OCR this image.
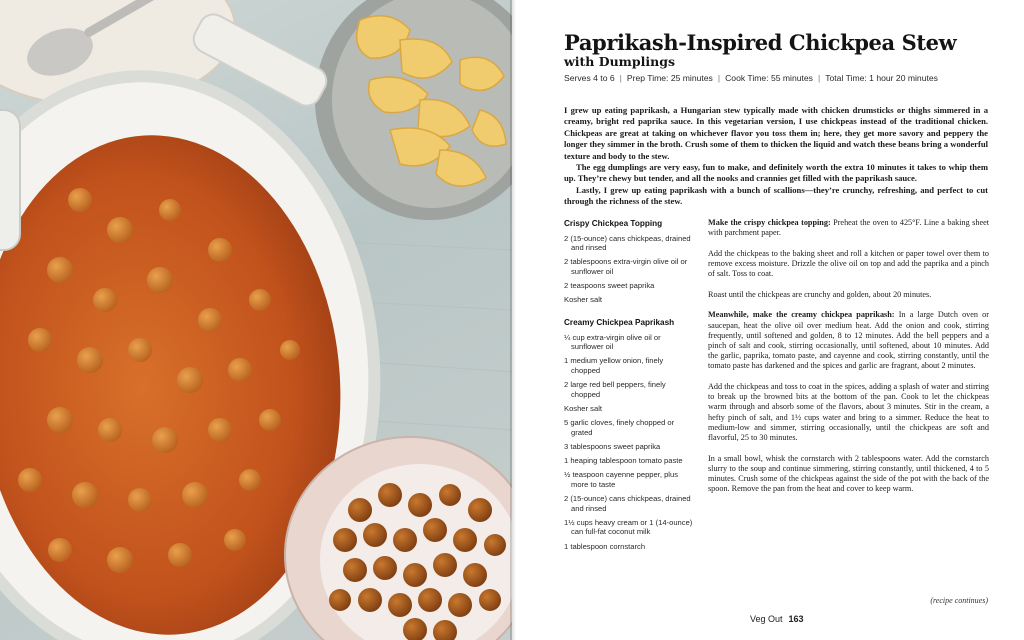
Paprikash-Inspired Chickpea Stew
with Dumplings
Serves 4 to 6 | Prep Time: 25 minutes | Cook Time: 55 minutes | Total Time: 1 hour 20 minutes

I grew up eating paprikash, a Hungarian stew typically made with chicken drumsticks or thighs simmered in a creamy, bright red paprika sauce. In this vegetarian version, I use chickpeas instead of the traditional chicken. Chickpeas are great at taking on whichever flavor you toss them in; here, they get more savory and peppery the longer they simmer in the broth. Crush some of them to thicken the liquid and watch these beans bring a wonderful texture and body to the stew.

The egg dumplings are very easy, fun to make, and definitely worth the extra 10 minutes it takes to whip them up. They’re chewy but tender, and all the nooks and crannies get filled with the paprikash sauce.

Lastly, I grew up eating paprikash with a bunch of scallions—they’re crunchy, refreshing, and perfect to cut through the richness of the stew.

Crispy Chickpea Topping
2 (15-ounce) cans chickpeas, drained and rinsed
2 tablespoons extra-virgin olive oil or sunflower oil
2 teaspoons sweet paprika
Kosher salt
Creamy Chickpea Paprikash
¼ cup extra-virgin olive oil or sunflower oil
1 medium yellow onion, finely chopped
2 large red bell peppers, finely chopped
Kosher salt
5 garlic cloves, finely chopped or grated
3 tablespoons sweet paprika
1 heaping tablespoon tomato paste
½ teaspoon cayenne pepper, plus more to taste
2 (15-ounce) cans chickpeas, drained and rinsed
1½ cups heavy cream or 1 (14-ounce) can full-fat coconut milk
1 tablespoon cornstarch

Make the crispy chickpea topping: Preheat the oven to 425°F. Line a baking sheet with parchment paper.

Add the chickpeas to the baking sheet and roll a kitchen or paper towel over them to remove excess moisture. Drizzle the olive oil on top and add the paprika and a pinch of salt. Toss to coat.

Roast until the chickpeas are crunchy and golden, about 20 minutes.

Meanwhile, make the creamy chickpea paprikash: In a large Dutch oven or saucepan, heat the olive oil over medium heat. Add the onion and cook, stirring frequently, until softened and golden, 8 to 12 minutes. Add the bell peppers and a pinch of salt and cook, stirring occasionally, until softened, about 10 minutes. Add the garlic, paprika, tomato paste, and cayenne and cook, stirring constantly, until the tomato paste has darkened and the spices and garlic are fragrant, about 2 minutes.

Add the chickpeas and toss to coat in the spices, adding a splash of water and stirring to break up the browned bits at the bottom of the pan. Cook to let the chickpeas warm through and absorb some of the flavors, about 3 minutes. Stir in the cream, a hefty pinch of salt, and 1½ cups water and bring to a simmer. Reduce the heat to medium-low and simmer, stirring occasionally, until the chickpeas are soft and flavorful, 25 to 30 minutes.

In a small bowl, whisk the cornstarch with 2 tablespoons water. Add the cornstarch slurry to the soup and continue simmering, stirring constantly, until thickened, 4 to 5 minutes. Crush some of the chickpeas against the side of the pot with the back of the spoon. Remove the pan from the heat and cover to keep warm.

(recipe continues)
Veg Out 163
